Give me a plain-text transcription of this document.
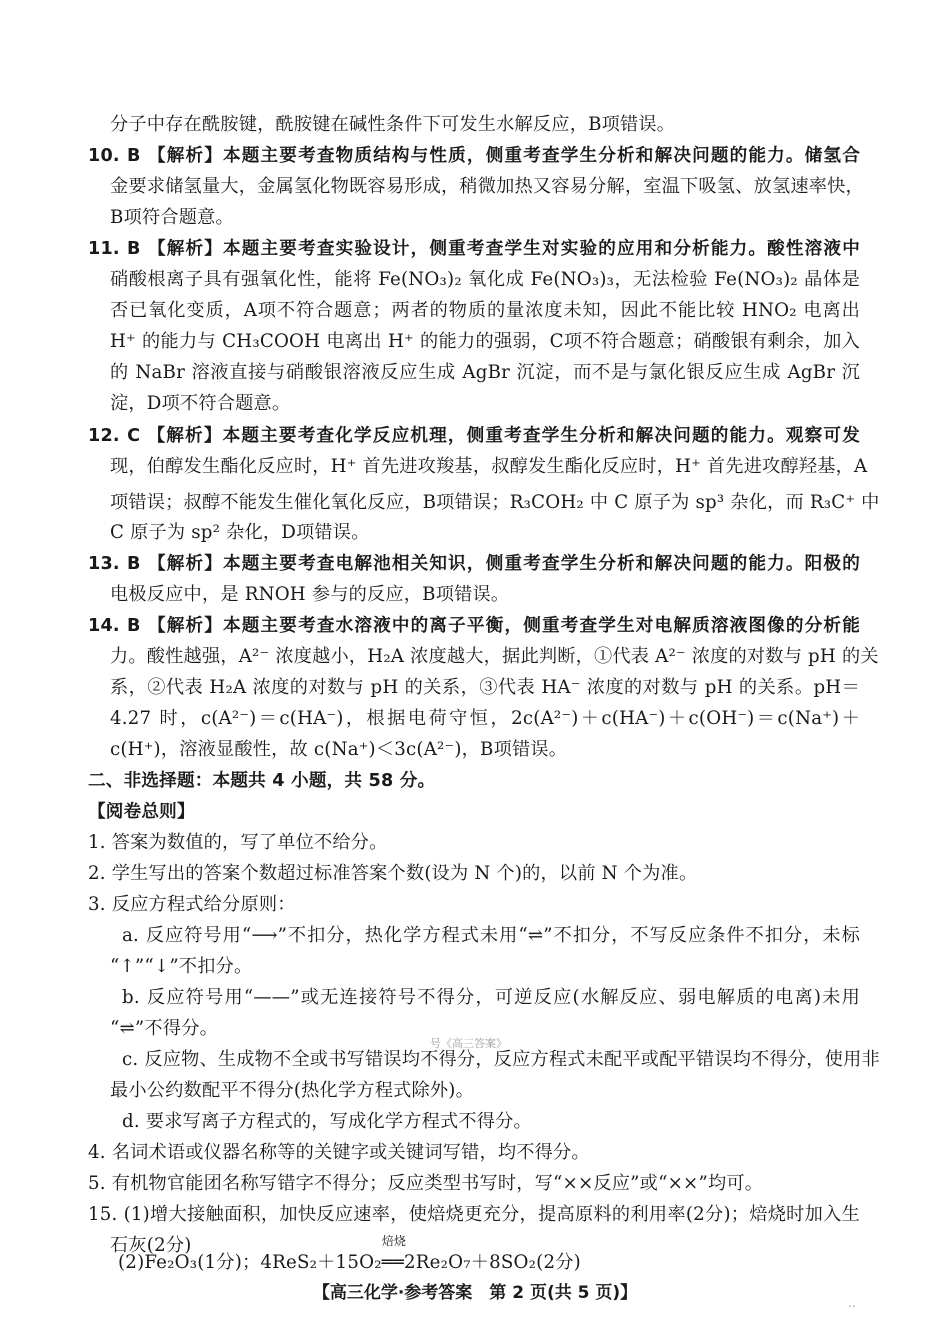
分子中存在酰胺键，酰胺键在碱性条件下可发生水解反应，B项错误。
10. B 【解析】本题主要考查物质结构与性质，侧重考查学生分析和解决问题的能力。储氢合
金要求储氢量大，金属氢化物既容易形成，稍微加热又容易分解，室温下吸氢、放氢速率快，
B项符合题意。
11. B 【解析】本题主要考查实验设计，侧重考查学生对实验的应用和分析能力。酸性溶液中
硝酸根离子具有强氧化性，能将 Fe(NO₃)₂ 氧化成 Fe(NO₃)₃，无法检验 Fe(NO₃)₂ 晶体是
否已氧化变质，A项不符合题意；两者的物质的量浓度未知，因此不能比较 HNO₂ 电离出
H⁺ 的能力与 CH₃COOH 电离出 H⁺ 的能力的强弱，C项不符合题意；硝酸银有剩余，加入
的 NaBr 溶液直接与硝酸银溶液反应生成 AgBr 沉淀，而不是与氯化银反应生成 AgBr 沉
淀，D项不符合题意。
12. C 【解析】本题主要考查化学反应机理，侧重考查学生分析和解决问题的能力。观察可发
现，伯醇发生酯化反应时，H⁺ 首先进攻羧基，叔醇发生酯化反应时，H⁺ 首先进攻醇羟基，A
项错误；叔醇不能发生催化氧化反应，B项错误；R₃COH₂ 中 C 原子为 sp³ 杂化，而 R₃C⁺ 中
C 原子为 sp² 杂化，D项错误。
13. B 【解析】本题主要考查电解池相关知识，侧重考查学生分析和解决问题的能力。阳极的
电极反应中，是 RNOH 参与的反应，B项错误。
14. B 【解析】本题主要考查水溶液中的离子平衡，侧重考查学生对电解质溶液图像的分析能
力。酸性越强，A²⁻ 浓度越小，H₂A 浓度越大，据此判断，①代表 A²⁻ 浓度的对数与 pH 的关
系，②代表 H₂A 浓度的对数与 pH 的关系，③代表 HA⁻ 浓度的对数与 pH 的关系。pH＝
4.27 时，c(A²⁻)＝c(HA⁻)，根据电荷守恒，2c(A²⁻)＋c(HA⁻)＋c(OH⁻)＝c(Na⁺)＋
c(H⁺)，溶液显酸性，故 c(Na⁺)＜3c(A²⁻)，B项错误。
二、非选择题：本题共 4 小题，共 58 分。
【阅卷总则】
1. 答案为数值的，写了单位不给分。
2. 学生写出的答案个数超过标准答案个数(设为 N 个)的，以前 N 个为准。
3. 反应方程式给分原则：
a. 反应符号用“⟶”不扣分，热化学方程式未用“⇌”不扣分，不写反应条件不扣分，未标
“↑”“↓”不扣分。
b. 反应符号用“——”或无连接符号不得分，可逆反应(水解反应、弱电解质的电离)未用
“⇌”不得分。
c. 反应物、生成物不全或书写错误均不得分，反应方程式未配平或配平错误均不得分，使用非
最小公约数配平不得分(热化学方程式除外)。
d. 要求写离子方程式的，写成化学方程式不得分。
4. 名词术语或仪器名称等的关键字或关键词写错，均不得分。
5. 有机物官能团名称写错字不得分；反应类型书写时，写“××反应”或“××”均可。
15. (1)增大接触面积，加快反应速率，使焙烧更充分，提高原料的利用率(2分)；焙烧时加入生
石灰(2分)
(2)Fe₂O₃(1分)；4ReS₂＋15O₂
焙烧
══2Re₂O₇＋8SO₂(2分)
号《高三答案》
【高三化学·参考答案　第 2 页(共 5 页)】	..
